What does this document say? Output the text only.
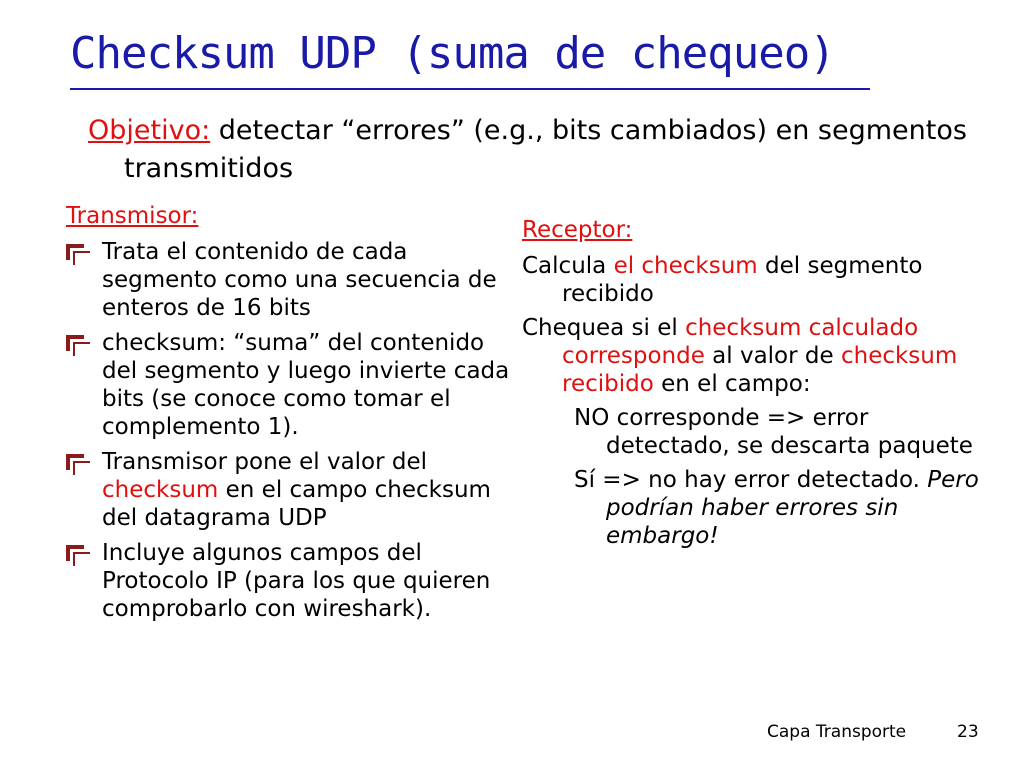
Checksum UDP (suma de chequeo)

Objetivo: detectar “errores” (e.g., bits cambiados) en segmentos transmitidos

Transmisor:
Trata el contenido de cada segmento como una secuencia de enteros de 16 bits
checksum: “suma” del contenido del segmento y luego invierte cada bits (se conoce como tomar el complemento 1).
Transmisor pone el valor del checksum en el campo checksum del datagrama UDP
Incluye algunos campos del Protocolo IP (para los que quieren comprobarlo con wireshark).
Receptor:

Calcula el checksum del segmento recibido

Chequea si el checksum calculado corresponde al valor de checksum recibido en el campo:

NO corresponde => error detectado, se descarta paquete

Sí => no hay error detectado. Pero podrían haber errores sin embargo!

Capa Transporte	23
